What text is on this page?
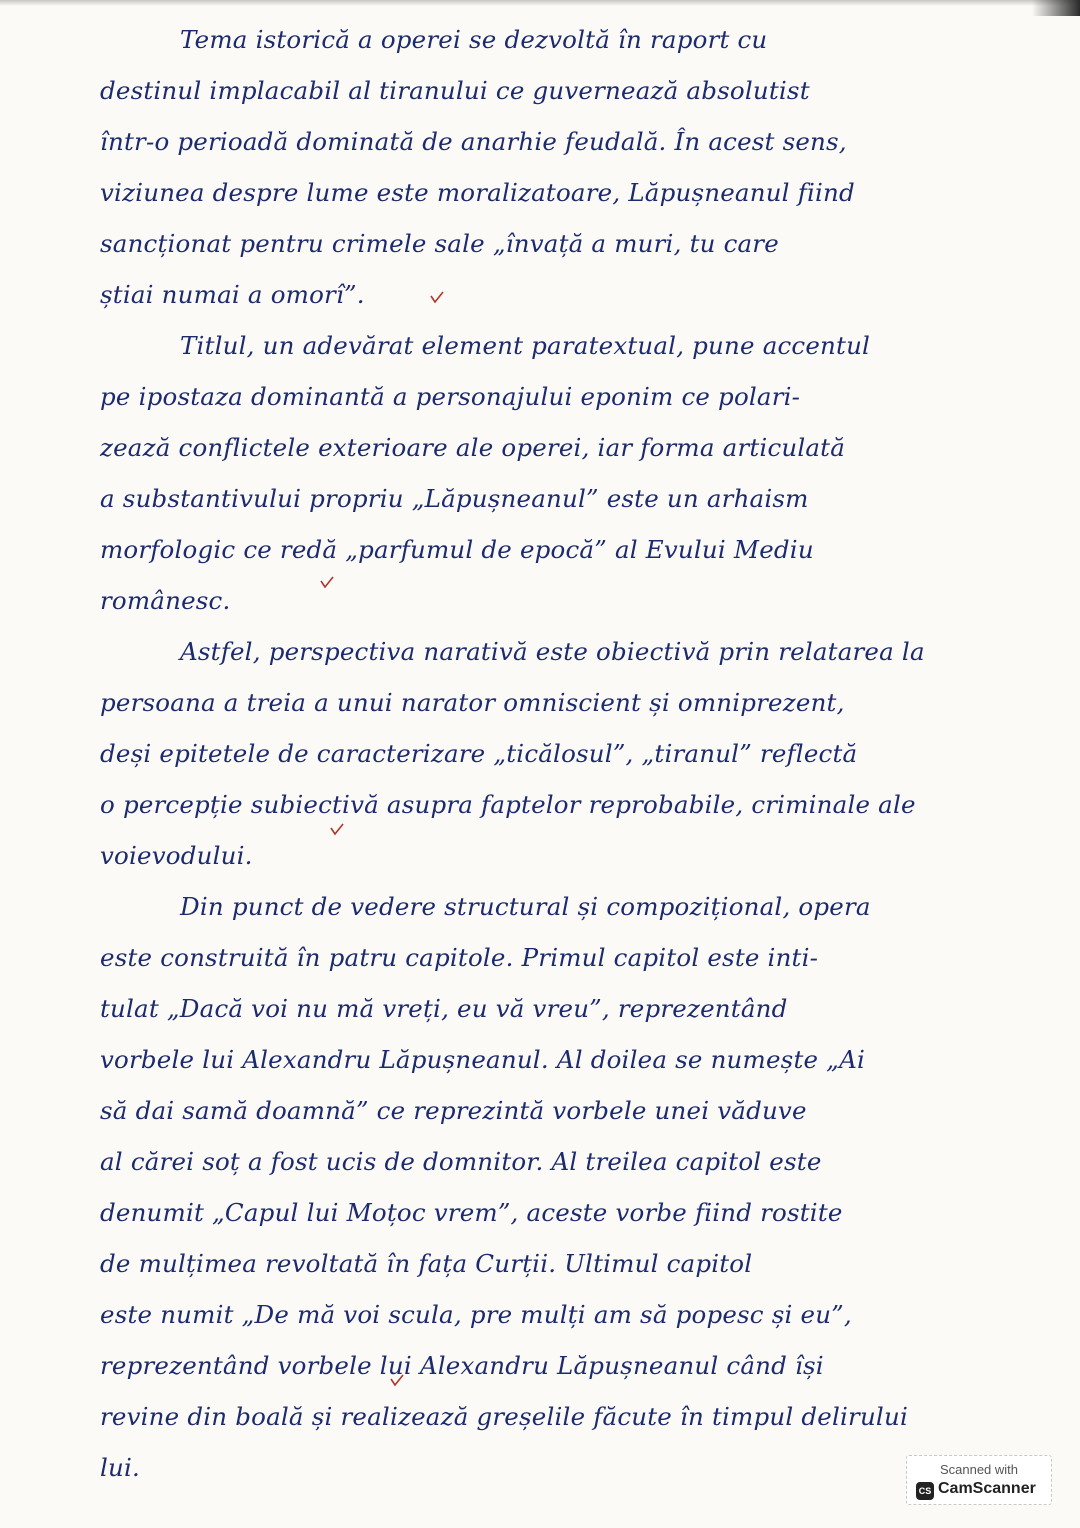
Tema istorică a operei se dezvoltă în raport cu
destinul implacabil al tiranului ce guvernează absolutist
într-o perioadă dominată de anarhie feudală. În acest sens,
viziunea despre lume este moralizatoare, Lăpușneanul fiind
sancționat pentru crimele sale „învață a muri, tu care
știai numai a omorî”.
Titlul, un adevărat element paratextual, pune accentul
pe ipostaza dominantă a personajului eponim ce polari-
zează conflictele exterioare ale operei, iar forma articulată
a substantivului propriu „Lăpușneanul” este un arhaism
morfologic ce redă „parfumul de epocă” al Evului Mediu
românesc.
Astfel, perspectiva narativă este obiectivă prin relatarea la
persoana a treia a unui narator omniscient și omniprezent,
deși epitetele de caracterizare „ticălosul”, „tiranul” reflectă
o percepție subiectivă asupra faptelor reprobabile, criminale ale
voievodului.
Din punct de vedere structural și compozițional, opera
este construită în patru capitole. Primul capitol este inti-
tulat „Dacă voi nu mă vreți, eu vă vreu”, reprezentând
vorbele lui Alexandru Lăpușneanul. Al doilea se numește „Ai
să dai samă doamnă” ce reprezintă vorbele unei văduve
al cărei soț a fost ucis de domnitor. Al treilea capitol este
denumit „Capul lui Moțoc vrem”, aceste vorbe fiind rostite
de mulțimea revoltată în fața Curții. Ultimul capitol
este numit „De mă voi scula, pre mulți am să popesc și eu”,
reprezentând vorbele lui Alexandru Lăpușneanul când își
revine din boală și realizează greșelile făcute în timpul delirului
lui.	Scanned with
CS CamScanner
